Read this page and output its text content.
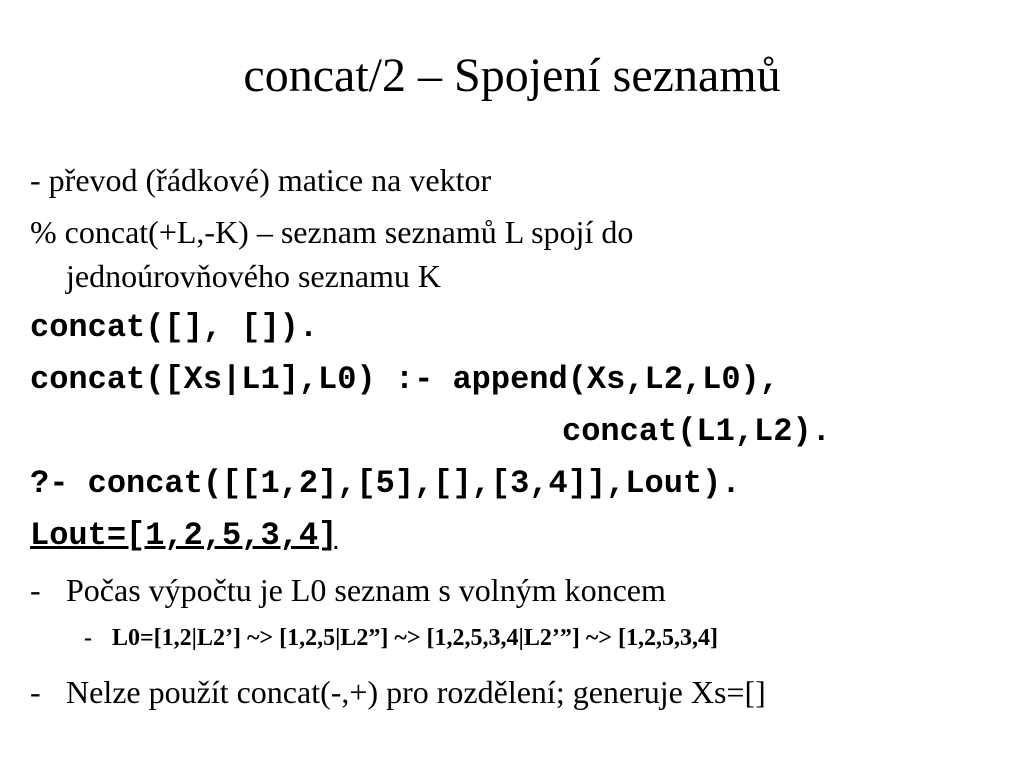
concat/2 – Spojení seznamů
- převod (řádkové) matice na vektor
% concat(+L,-K) – seznam seznamů L spojí do
jednoúrovňového seznamu K
concat([], []).
concat([Xs|L1],L0) :- append(Xs,L2,L0),
concat(L1,L2).
?- concat([[1,2],[5],[],[3,4]],Lout).
Lout=[1,2,5,3,4]
- Počas výpočtu je L0 seznam s volným koncem
- L0=[1,2|L2’] ~> [1,2,5|L2”] ~> [1,2,5,3,4|L2’”] ~> [1,2,5,3,4]
- Nelze použít concat(-,+) pro rozdělení; generuje Xs=[]
